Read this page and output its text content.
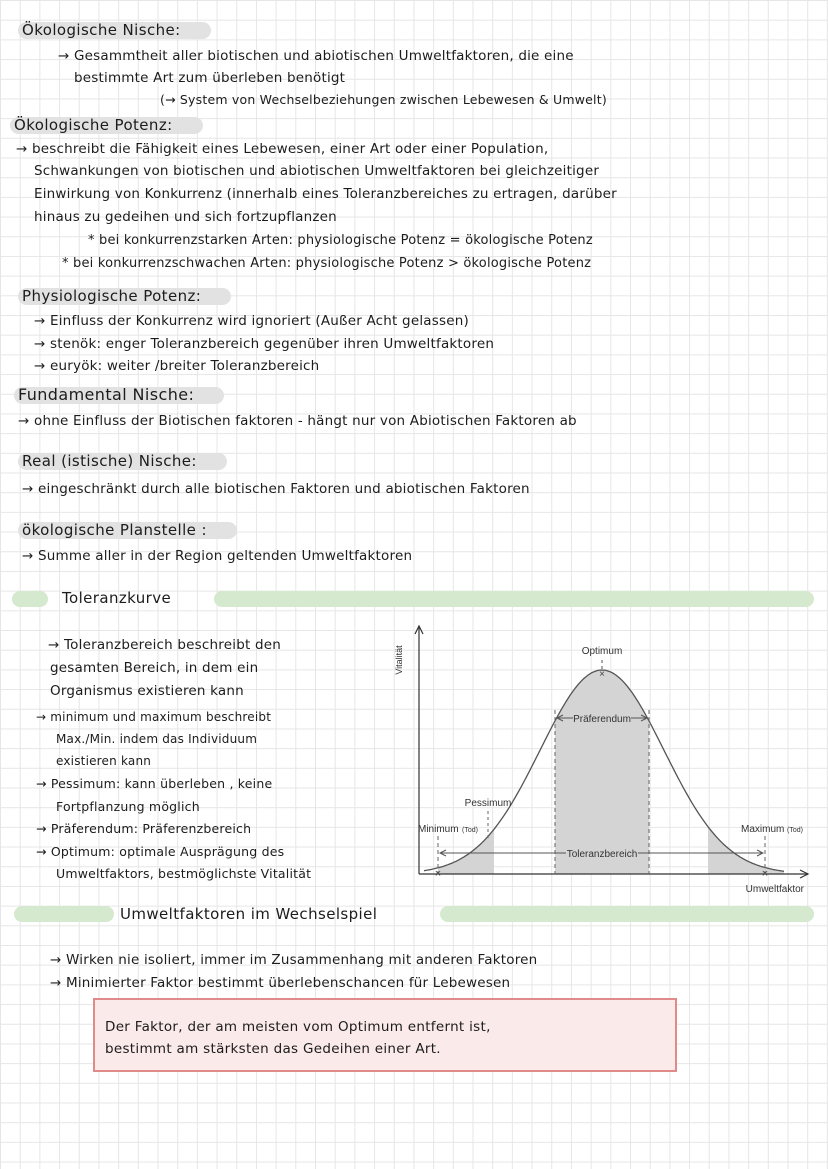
Ökologische Nische:
→ Gesammtheit aller biotischen und abiotischen Umweltfaktoren, die eine
bestimmte Art zum überleben benötigt
(→ System von Wechselbeziehungen zwischen Lebewesen & Umwelt)
Ökologische Potenz:
→ beschreibt die Fähigkeit eines Lebewesen, einer Art oder einer Population,
Schwankungen von biotischen und abiotischen Umweltfaktoren bei gleichzeitiger
Einwirkung von Konkurrenz (innerhalb eines Toleranzbereiches zu ertragen, darüber
hinaus zu gedeihen und sich fortzupflanzen
* bei konkurrenzstarken Arten: physiologische Potenz = ökologische Potenz
* bei konkurrenzschwachen Arten: physiologische Potenz > ökologische Potenz
Physiologische Potenz:
→ Einfluss der Konkurrenz wird ignoriert (Außer Acht gelassen)
→ stenök: enger Toleranzbereich gegenüber ihren Umweltfaktoren
→ euryök: weiter /breiter Toleranzbereich
Fundamental Nische:
→ ohne Einfluss der Biotischen faktoren - hängt nur von Abiotischen Faktoren ab
Real (istische) Nische:
→ eingeschränkt durch alle biotischen Faktoren und abiotischen Faktoren
ökologische Planstelle :
→ Summe aller in der Region geltenden Umweltfaktoren
Toleranzkurve
→ Toleranzbereich beschreibt den
gesamten Bereich, in dem ein
Organismus existieren kann
→ minimum und maximum beschreibt
Max./Min. indem das Individuum
existieren kann
→ Pessimum: kann überleben , keine
Fortpflanzung möglich
→ Präferendum: Präferenzbereich
→ Optimum: optimale Ausprägung des
Umweltfaktors, bestmöglichste Vitalität
×
×	×
Optimum
Präferendum
Pessimum
Minimum (Tod)	Maximum (Tod)
Toleranzbereich
Umweltfaktor
Vitalität
Umweltfaktoren im Wechselspiel
→ Wirken nie isoliert, immer im Zusammenhang mit anderen Faktoren
→ Minimierter Faktor bestimmt überlebenschancen für Lebewesen
Der Faktor, der am meisten vom Optimum entfernt ist,
bestimmt am stärksten das Gedeihen einer Art.
